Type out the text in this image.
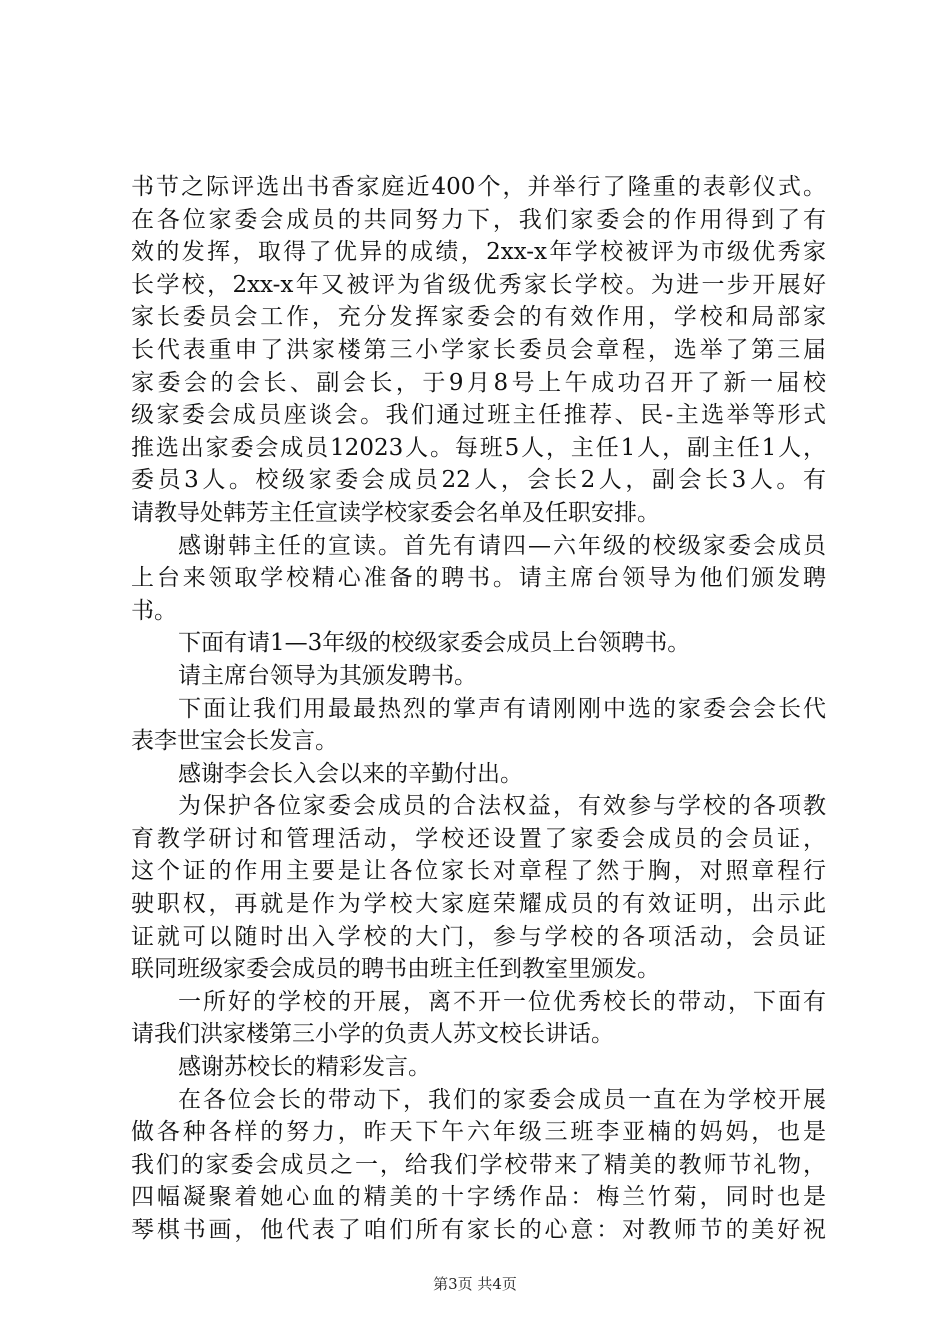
书节之际评选出书香家庭近400个，并举行了隆重的表彰仪式。
在各位家委会成员的共同努力下，我们家委会的作用得到了有
效的发挥，取得了优异的成绩，2xx-x年学校被评为市级优秀家
长学校，2xx-x年又被评为省级优秀家长学校。为进一步开展好
家长委员会工作，充分发挥家委会的有效作用，学校和局部家
长代表重申了洪家楼第三小学家长委员会章程，选举了第三届
家委会的会长、副会长，于9月8号上午成功召开了新一届校
级家委会成员座谈会。我们通过班主任推荐、民-主选举等形式
推选出家委会成员12023人。每班5人，主任1人，副主任1人，
委员3人。校级家委会成员22人，会长2人，副会长3人。有
请教导处韩芳主任宣读学校家委会名单及任职安排。
感谢韩主任的宣读。首先有请四—六年级的校级家委会成员
上台来领取学校精心准备的聘书。请主席台领导为他们颁发聘
书。
下面有请1—3年级的校级家委会成员上台领聘书。
请主席台领导为其颁发聘书。
下面让我们用最最热烈的掌声有请刚刚中选的家委会会长代
表李世宝会长发言。
感谢李会长入会以来的辛勤付出。
为保护各位家委会成员的合法权益，有效参与学校的各项教
育教学研讨和管理活动，学校还设置了家委会成员的会员证，
这个证的作用主要是让各位家长对章程了然于胸，对照章程行
驶职权，再就是作为学校大家庭荣耀成员的有效证明，出示此
证就可以随时出入学校的大门，参与学校的各项活动，会员证
联同班级家委会成员的聘书由班主任到教室里颁发。
一所好的学校的开展，离不开一位优秀校长的带动，下面有
请我们洪家楼第三小学的负责人苏文校长讲话。
感谢苏校长的精彩发言。
在各位会长的带动下，我们的家委会成员一直在为学校开展
做各种各样的努力，昨天下午六年级三班李亚楠的妈妈，也是
我们的家委会成员之一，给我们学校带来了精美的教师节礼物，
四幅凝聚着她心血的精美的十字绣作品：梅兰竹菊，同时也是
琴棋书画，他代表了咱们所有家长的心意：对教师节的美好祝
第3页 共4页
